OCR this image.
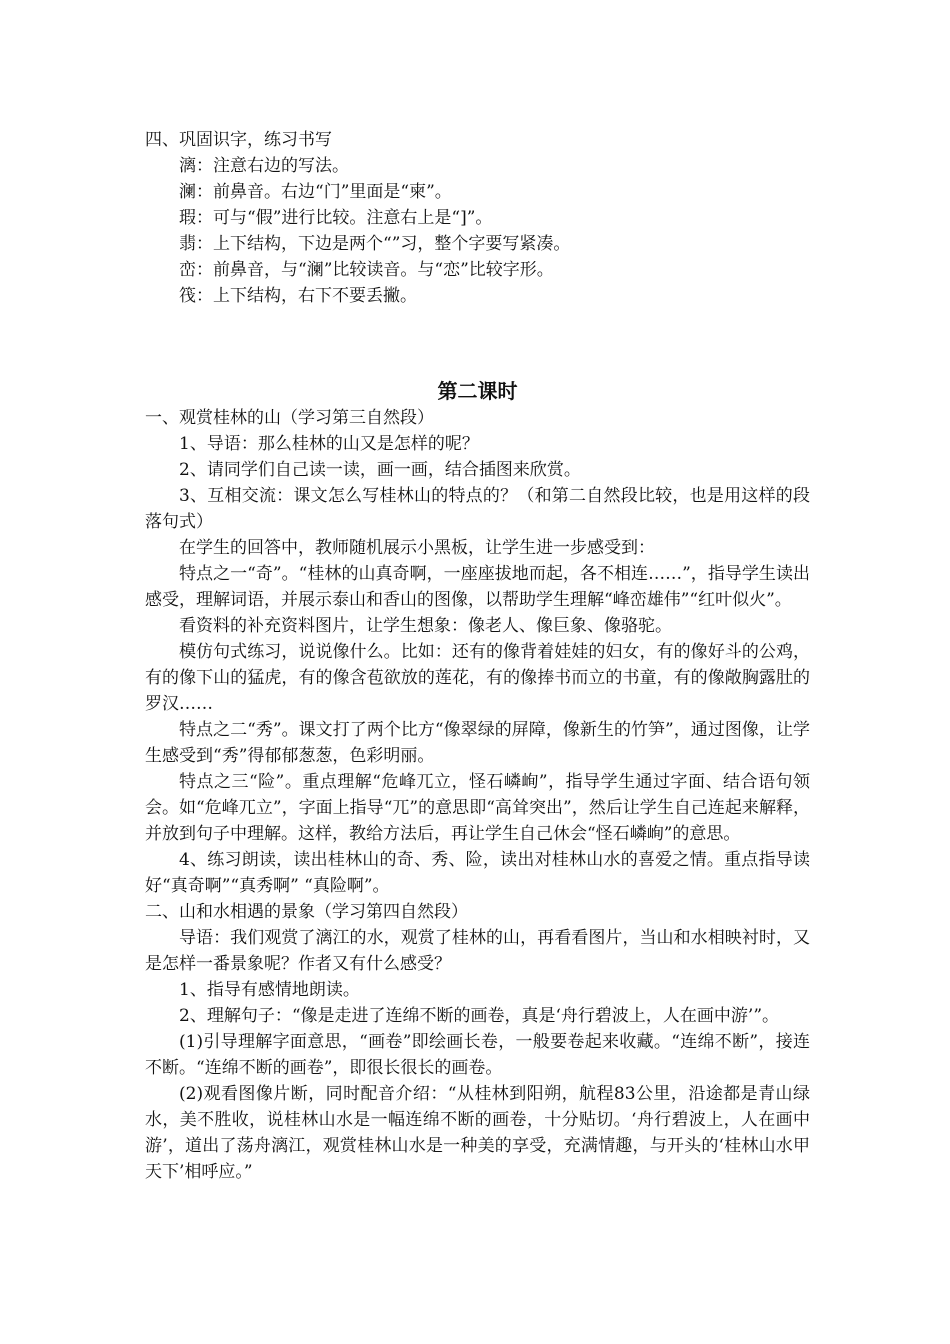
四、巩固识字，练习书写
漓：注意右边的写法。
澜：前鼻音。右边“门”里面是“柬”。
瑕：可与“假”进行比较。注意右上是“]”。
翡：上下结构，下边是两个“”习，整个字要写紧凑。
峦：前鼻音，与“澜”比较读音。与“恋”比较字形。
筏：上下结构，右下不要丢撇。
第二课时
一、观赏桂林的山（学习第三自然段）

1、导语：那么桂林的山又是怎样的呢？

2、请同学们自己读一读，画一画，结合插图来欣赏。

3、互相交流：课文怎么写桂林山的特点的？（和第二自然段比较，也是用这样的段落句式）

在学生的回答中，教师随机展示小黑板，让学生进一步感受到：

特点之一“奇”。“桂林的山真奇啊，一座座拔地而起，各不相连……”，指导学生读出感受，理解词语，并展示泰山和香山的图像，以帮助学生理解“峰峦雄伟”“红叶似火”。

看资料的补充资料图片，让学生想象：像老人、像巨象、像骆驼。

模仿句式练习，说说像什么。比如：还有的像背着娃娃的妇女，有的像好斗的公鸡，有的像下山的猛虎，有的像含苞欲放的莲花，有的像捧书而立的书童，有的像敞胸露肚的罗汉……

特点之二“秀”。课文打了两个比方“像翠绿的屏障，像新生的竹笋”，通过图像，让学生感受到“秀”得郁郁葱葱，色彩明丽。

特点之三“险”。重点理解“危峰兀立，怪石嶙峋”，指导学生通过字面、结合语句领会。如“危峰兀立”，字面上指导“兀”的意思即“高耸突出”，然后让学生自己连起来解释，并放到句子中理解。这样，教给方法后，再让学生自己休会“怪石嶙峋”的意思。

4、练习朗读，读出桂林山的奇、秀、险，读出对桂林山水的喜爱之情。重点指导读好“真奇啊”“真秀啊” “真险啊”。

二、山和水相遇的景象（学习第四自然段）

导语：我们观赏了漓江的水，观赏了桂林的山，再看看图片，当山和水相映衬时，又是怎样一番景象呢？作者又有什么感受？

1、指导有感情地朗读。

2、理解句子：“像是走进了连绵不断的画卷，真是‘舟行碧波上，人在画中游’”。

(1)引导理解字面意思，“画卷”即绘画长卷，一般要卷起来收藏。“连绵不断”，接连不断。“连绵不断的画卷”，即很长很长的画卷。

(2)观看图像片断，同时配音介绍：“从桂林到阳朔，航程83公里，沿途都是青山绿水，美不胜收，说桂林山水是一幅连绵不断的画卷，十分贴切。‘舟行碧波上，人在画中游’，道出了荡舟漓江，观赏桂林山水是一种美的享受，充满情趣，与开头的‘桂林山水甲天下’相呼应。”
